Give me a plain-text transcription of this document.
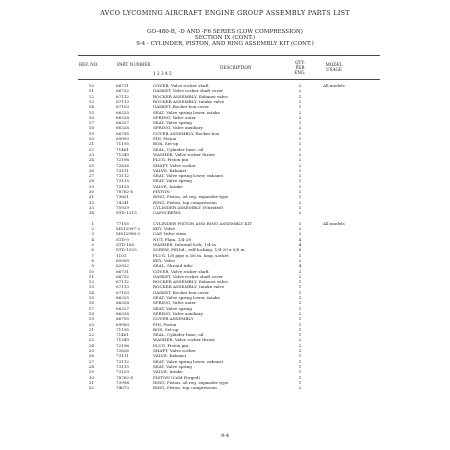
AVCO LYCOMING AIRCRAFT ENGINE GROUP ASSEMBLY PARTS LIST
GO-480-B, -D AND -F6 SERIES (LOW COMPRESSION)
SECTION IX (CONT.)
9-4 - CYLINDER, PISTON, AND RING ASSEMBLY KIT (CONT.)
REF. NO.	PART NUMBER
1 2 3 4 5
DESCRIPTION
QTY. PER ENG.
MODEL USAGE
10	66731	COVER, Valve rocker shaft	2	All models
11	66732	GASKET, Valve rocker shaft cover	2
12	67112	ROCKER ASSEMBLY, Exhaust valve	1
13	67113	ROCKER ASSEMBLY, Intake valve	1
14	67103	GASKET, Rocker box cover	1
15	66325	SEAT, Valve spring lower, intake	2
16	66328	SPRING, Valve outer	2
17	66327	SEAT, Valve spring	1
18	66328	SPRING, Valve auxiliary	2
19	66795	COVER ASSEMBLY, Rocker box	1
20	69950	PIN, Piston	1
21	71195	BOX, Set-up	1
22	71461	SEAL, Cylinder base, oil	1
23	71549	WASHER, Valve rocker thrust	2
24	72196	PLUG, Piston pin	2
25	72626	SHAFT, Valve rocker	2
26	73111	VALVE, Exhaust	1
27	73112	SEAT, Valve spring lower, exhaust	1
28	73115	SEAT, Valve spring	1
29	73129	VALVE, Intake	1
30	78762-S	PISTON	1
31	73601	RING, Piston, oil reg. expander type	1
32	74241	RING, Piston, top compression	2
33	75929	CYLINDER ASSEMBLY (Nitrided)	1
34	STD-1215	CAPSCREWS	2
1	77105	CYLINDER PISTON AND RING ASSEMBLY KIT	1	All models
2	MS12997-3	KEY, Valve	2
3	MS12998-3	CAP, Valve stem	2
4	STD-9	NUT, Plain, 1/4-28	4
5	STD-160	WASHER, Internal lock, 1/4 in.	4
6	STD-1925	SCREW, Fill.hd., self-locking, 1/4-20 x 5/8 in.	8
7	1101	PLUG, 1/8 pipe x 3/8 in. long, socket	1
8	60009	KEY, Valve	2
9	62922	SEAL, Shroud tube	4
10	66731	COVER, Valve rocker shaft	2
11	66732	GASKET, Valve rocker shaft cover	2
12	67112	ROCKER ASSEMBLY, Exhaust valve	1
13	67113	ROCKER ASSEMBLY, Intake valve	1
14	67103	GASKET, Rocker box cover	1
15	66325	SEAT, Valve spring lower, intake	1
16	66328	SPRING, Valve outer	2
17	66327	SEAT, Valve spring	1
18	66328	SPRING, Valve auxiliary	2
19	66795	COVER ASSEMBLY	1
20	69950	PIN, Piston	1
21	71195	BOX, Set-up	1
22	71461	SEAL, Cylinder base, oil	1
23	71549	WASHER, Valve rocker thrust	2
24	72196	PLUG, Piston pin	2
25	72626	SHAFT, Valve rocker	2
26	73111	VALVE, Exhaust	1
27	73112	SEAT, Valve spring lower, exhaust	1
28	73115	SEAT, Valve spring	1
29	73129	VALVE, Intake	1
30	78762-S	PISTON (Cold Forged)	1
31	73998	RING, Piston, oil reg. expander type	1
32	74673	RING, Piston, top compression	2
9-4
